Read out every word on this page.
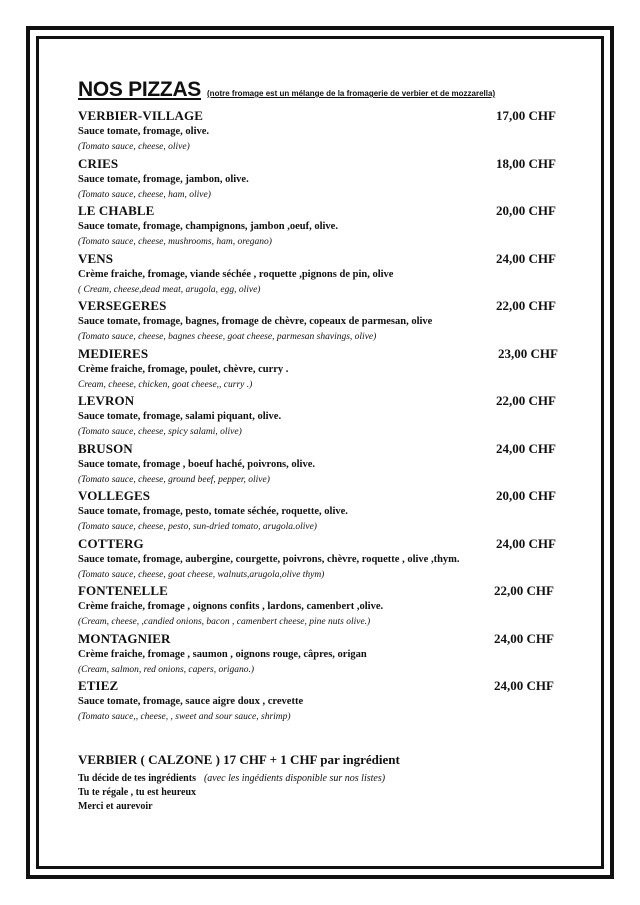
NOS PIZZAS (notre fromage est un mélange de la fromagerie de verbier et de mozzarella)
VERBIER-VILLAGE	17,00 CHF
Sauce tomate, fromage, olive.
(Tomato sauce, cheese, olive)
CRIES	18,00 CHF
Sauce tomate, fromage, jambon, olive.
(Tomato sauce, cheese, ham, olive)
LE CHABLE	20,00 CHF
Sauce tomate, fromage, champignons, jambon ,oeuf, olive.
(Tomato sauce, cheese, mushrooms, ham, oregano)
VENS	24,00 CHF
Crème fraiche, fromage, viande séchée , roquette ,pignons de pin, olive
( Cream, cheese,dead meat, arugola, egg, olive)
VERSEGERES	22,00 CHF
Sauce tomate, fromage, bagnes, fromage de chèvre, copeaux de parmesan, olive
(Tomato sauce, cheese, bagnes cheese, goat cheese, parmesan shavings, olive)
MEDIERES	23,00 CHF
Crème fraiche, fromage, poulet, chèvre, curry .
Cream, cheese, chicken, goat cheese,, curry .)
LEVRON	22,00 CHF
Sauce tomate, fromage, salami piquant, olive.
(Tomato sauce, cheese, spicy salami, olive)
BRUSON	24,00 CHF
Sauce tomate, fromage , boeuf haché, poivrons, olive.
(Tomato sauce, cheese, ground beef, pepper, olive)
VOLLEGES	20,00 CHF
Sauce tomate, fromage, pesto, tomate séchée, roquette, olive.
(Tomato sauce, cheese, pesto, sun-dried tomato, arugola.olive)
COTTERG	24,00 CHF
Sauce tomate, fromage, aubergine, courgette, poivrons, chèvre, roquette , olive ,thym.
(Tomato sauce, cheese, goat cheese, walnuts,arugola,olive thym)
FONTENELLE	22,00 CHF
Crème fraiche, fromage , oignons confits , lardons, camenbert ,olive.
(Cream, cheese, ,candied onions, bacon , camenbert cheese, pine nuts olive.)
MONTAGNIER	24,00 CHF
Crème fraiche, fromage , saumon , oignons rouge, câpres, origan
(Cream, salmon, red onions, capers, origano.)
ETIEZ	24,00 CHF
Sauce tomate, fromage, sauce aigre doux , crevette
(Tomato sauce,, cheese, , sweet and sour sauce, shrimp)
VERBIER ( CALZONE ) 17 CHF + 1 CHF par ingrédient
Tu décide de tes ingrédients (avec les ingédients disponible sur nos listes)
Tu te régale , tu est heureux
Merci et aurevoir
